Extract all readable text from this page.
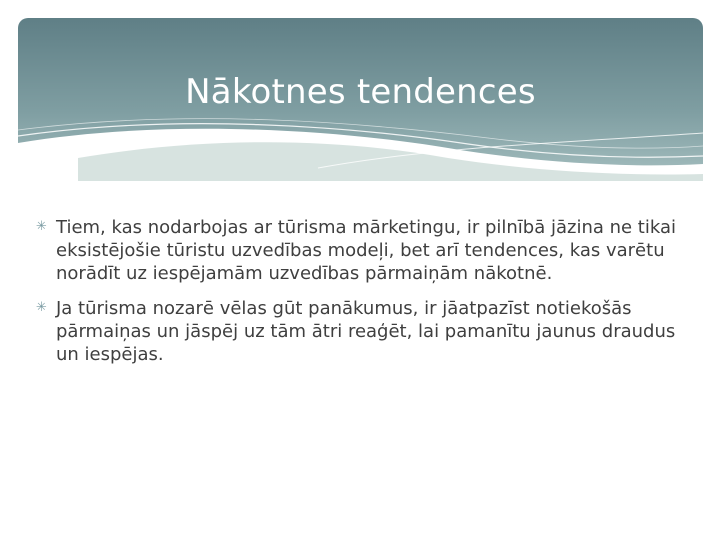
Nākotnes tendences
✳ Tiem, kas nodarbojas ar tūrisma mārketingu, ir pilnībā jāzina ne tikai eksistējošie tūristu uzvedības modeļi, bet arī tendences, kas varētu norādīt uz iespējamām uzvedības pārmaiņām nākotnē.
✳ Ja tūrisma nozarē vēlas gūt panākumus, ir jāatpazīst notiekošās pārmaiņas un jāspēj uz tām ātri reaģēt, lai pamanītu jaunus draudus un iespējas.
